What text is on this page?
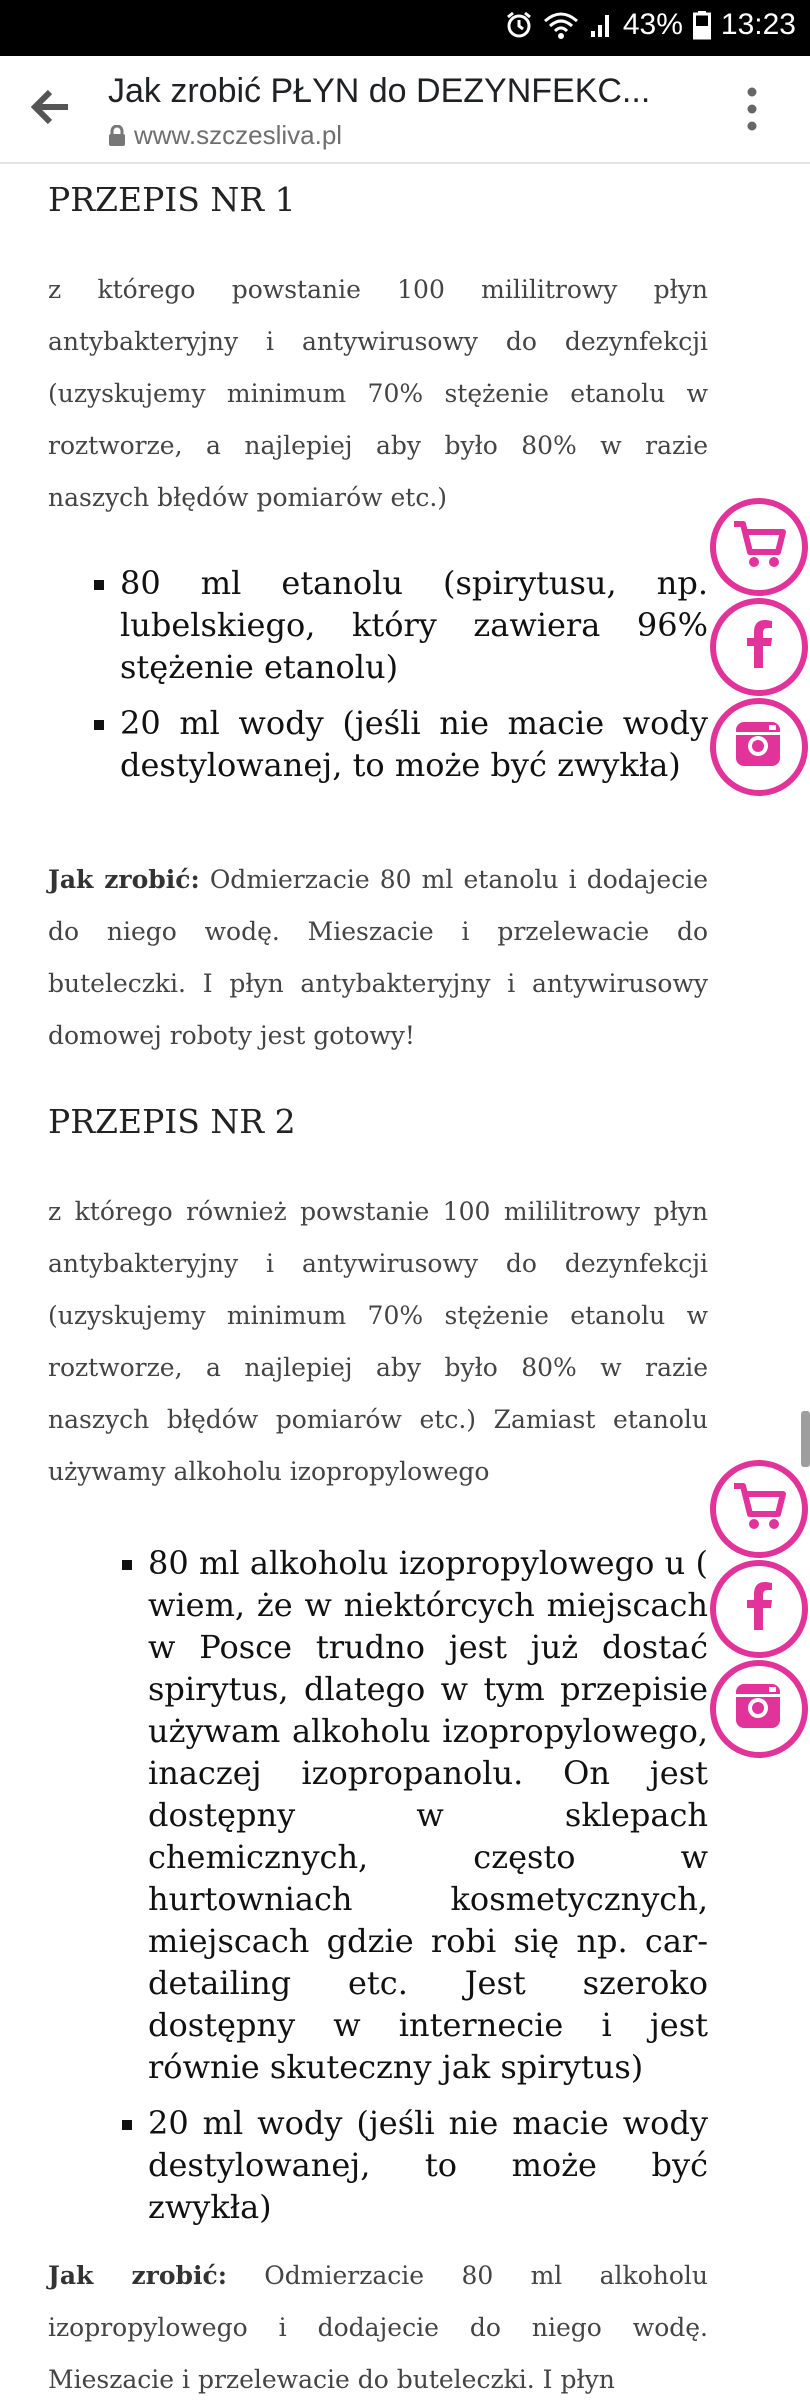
43% 13:23
Jak zrobić PŁYN do DEZYNFEKC...
www.szczesliva.pl
PRZEPIS NR 1

z którego powstanie 100 mililitrowy płyn antybakteryjny i antywirusowy do dezynfekcji (uzyskujemy minimum 70% stężenie etanolu w roztworze, a najlepiej aby było 80% w razie naszych błędów pomiarów etc.)

80 ml etanolu (spirytusu, np. lubelskiego, który zawiera 96% stężenie etanolu)
20 ml wody (jeśli nie macie wody destylowanej, to może być zwykła)

Jak zrobić: Odmierzacie 80 ml etanolu i dodajecie do niego wodę. Mieszacie i przelewacie do buteleczki. I płyn antybakteryjny i antywirusowy domowej roboty jest gotowy!

PRZEPIS NR 2

z którego również powstanie 100 mililitrowy płyn antybakteryjny i antywirusowy do dezynfekcji (uzyskujemy minimum 70% stężenie etanolu w roztworze, a najlepiej aby było 80% w razie naszych błędów pomiarów etc.) Zamiast etanolu używamy alkoholu izopropylowego

80 ml alkoholu izopropylowego u ( wiem, że w niektórcych miejscach w Posce trudno jest już dostać spirytus, dlatego w tym przepisie używam alkoholu izopropylowego, inaczej izopropanolu. On jest dostępny w sklepach chemicznych, często w hurtowniach kosmetycznych, miejscach gdzie robi się np. car-detailing etc. Jest szeroko dostępny w internecie i jest równie skuteczny jak spirytus)
20 ml wody (jeśli nie macie wody destylowanej, to może być zwykła)

Jak zrobić: Odmierzacie 80 ml alkoholu izopropylowego i dodajecie do niego wodę. Mieszacie i przelewacie do buteleczki. I płyn
